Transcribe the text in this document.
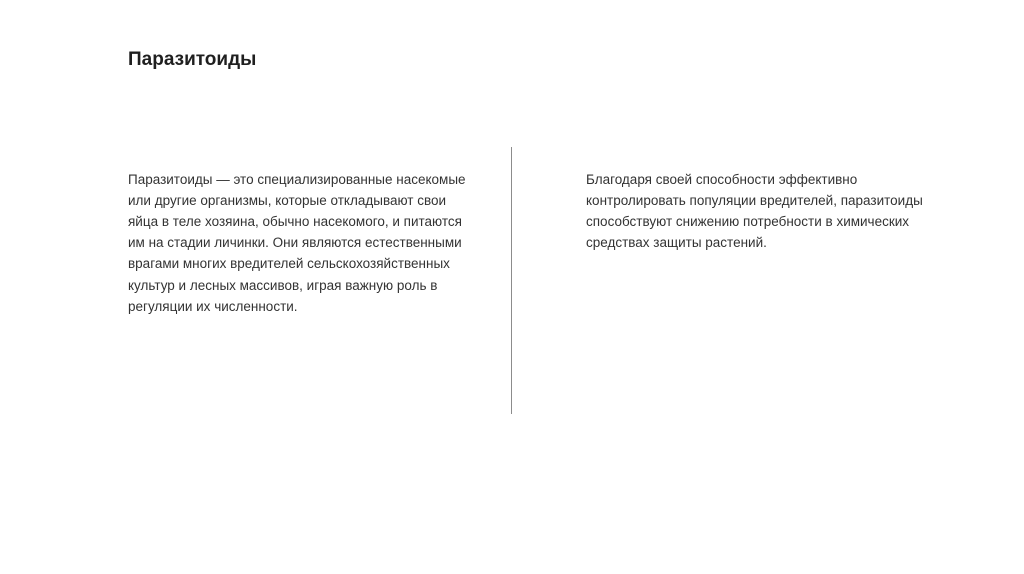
Паразитоиды

Паразитоиды — это специализированные насекомые или другие организмы, которые откладывают свои яйца в теле хозяина, обычно насекомого, и питаются им на стадии личинки. Они являются естественными врагами многих вредителей сельскохозяйственных культур и лесных массивов, играя важную роль в регуляции их численности.

Благодаря своей способности эффективно контролировать популяции вредителей, паразитоиды способствуют снижению потребности в химических средствах защиты растений.
